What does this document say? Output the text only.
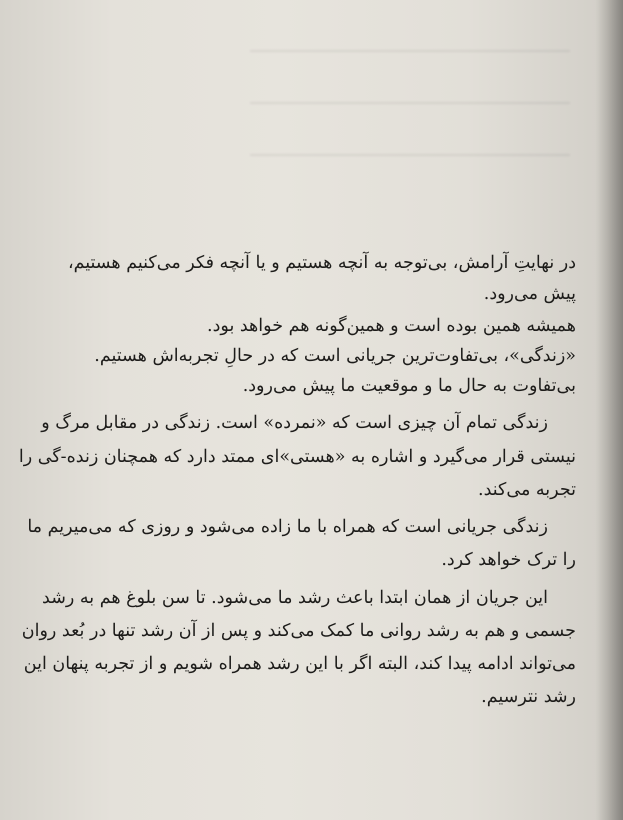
در نهایتِ آرامش، بی‌توجه به آنچه هستیم و یا آنچه فکر می‌کنیم هستیم،
پیش می‌رود.
همیشه همین بوده است و همین‌گونه هم خواهد بود.
«زندگی»، بی‌تفاوت‌ترین جریانی است که در حالِ تجربه‌اش هستیم.
بی‌تفاوت به حال ما و موقعیت ما پیش می‌رود.
زندگی تمام آن چیزی است که «نمرده» است. زندگی در مقابل مرگ و
نیستی قرار می‌گیرد و اشاره به «هستی»ای ممتد دارد که همچنان زنده-گی را
تجربه می‌کند.
زندگی جریانی است که همراه با ما زاده می‌شود و روزی که می‌میریم ما
را ترک خواهد کرد.
این جریان از همان ابتدا باعث رشد ما می‌شود. تا سن بلوغ هم به رشد
جسمی و هم به رشد روانی ما کمک می‌کند و پس از آن رشد تنها در بُعد روان
می‌تواند ادامه پیدا کند، البته اگر با این رشد همراه شویم و از تجربه پنهان این
رشد نترسیم.
